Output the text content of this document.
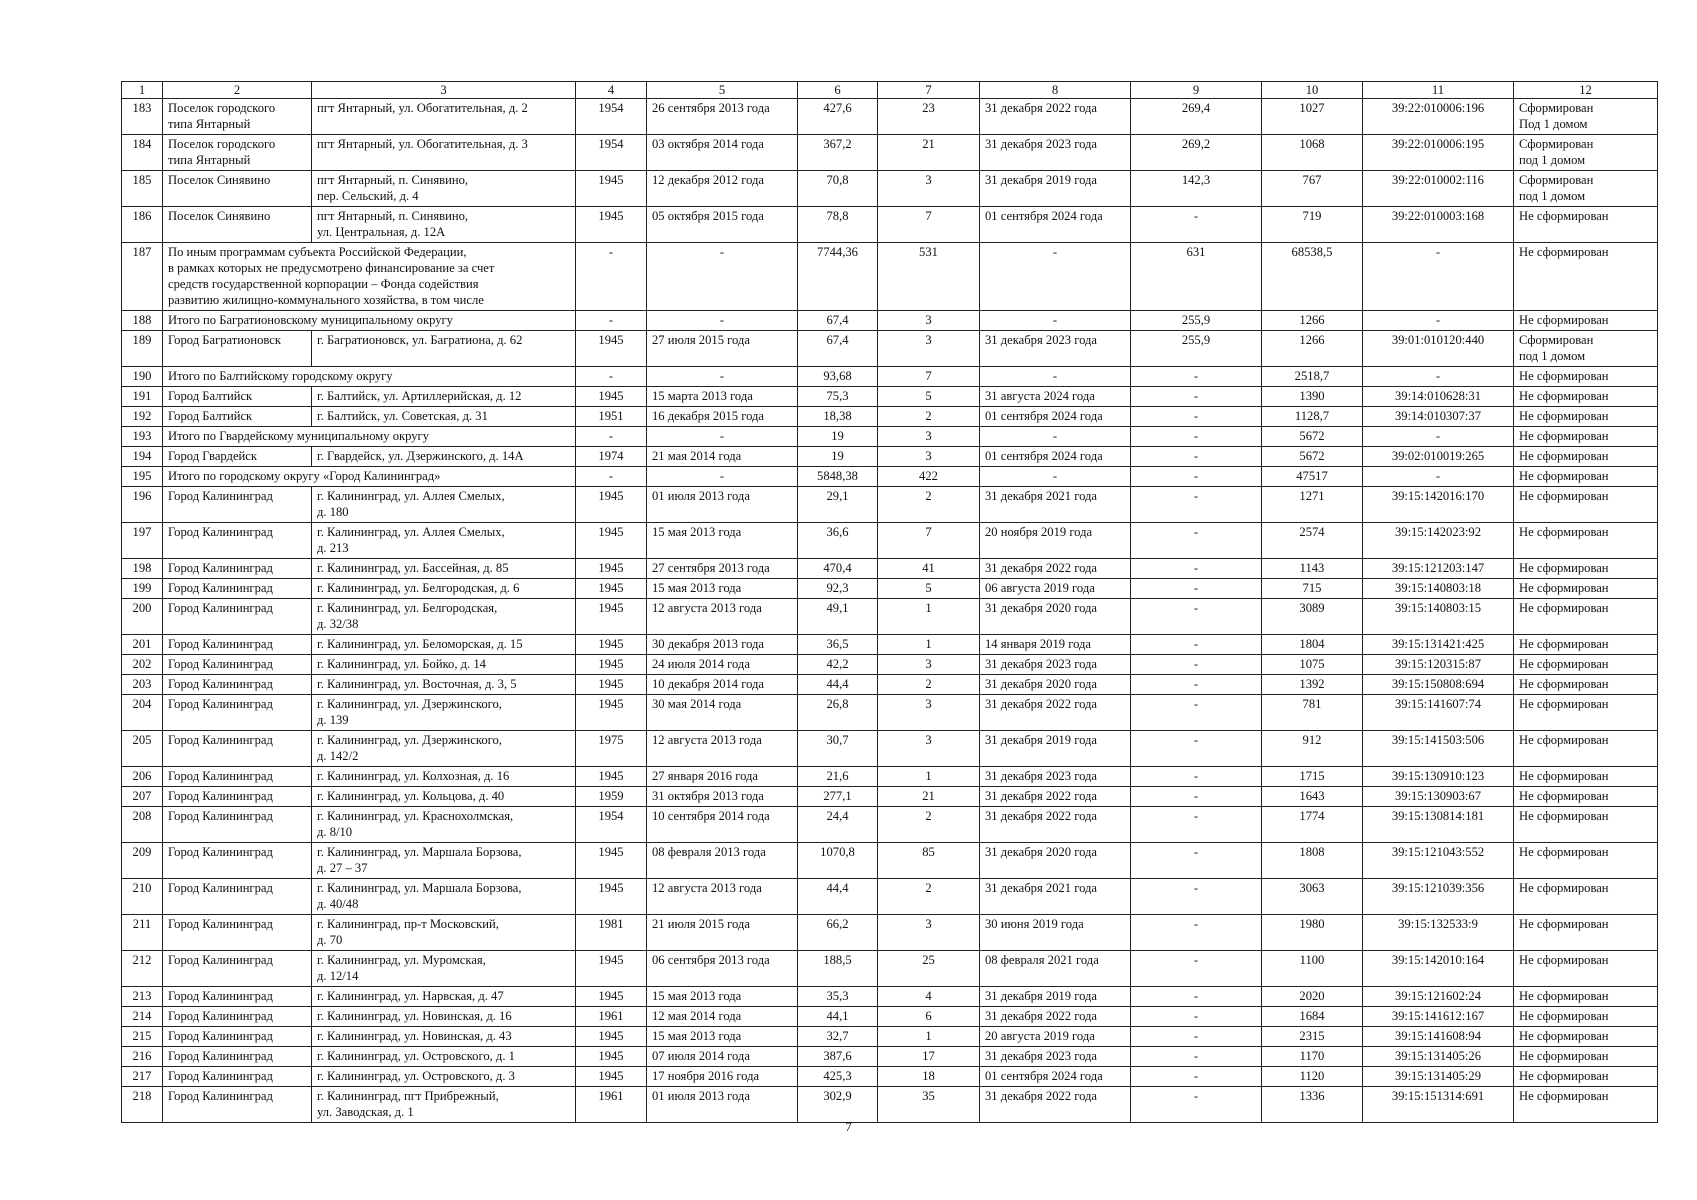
1	2	3	4	5	6	7	8	9	10	11	12
183	Поселок городского
типа Янтарный	пгт Янтарный, ул. Обогатительная, д. 2	1954	26 сентября 2013 года	427,6	23	31 декабря 2022 года	269,4	1027	39:22:010006:196	Сформирован
Под 1 домом
184	Поселок городского
типа Янтарный	пгт Янтарный, ул. Обогатительная, д. 3	1954	03 октября 2014 года	367,2	21	31 декабря 2023 года	269,2	1068	39:22:010006:195	Сформирован
под 1 домом
185	Поселок Синявино	пгт Янтарный, п. Синявино,
пер. Сельский, д. 4	1945	12 декабря 2012 года	70,8	3	31 декабря 2019 года	142,3	767	39:22:010002:116	Сформирован
под 1 домом
186	Поселок Синявино	пгт Янтарный, п. Синявино,
ул. Центральная, д. 12А	1945	05 октября 2015 года	78,8	7	01 сентября 2024 года	-	719	39:22:010003:168	Не сформирован
187	По иным программам субъекта Российской Федерации,
в рамках которых не предусмотрено финансирование за счет
средств государственной корпорации – Фонда содействия
развитию жилищно-коммунального хозяйства, в том числе		-	-	7744,36	531	-	631	68538,5	-	Не сформирован
188	Итого по Багратионовскому муниципальному округу		-	-	67,4	3	-	255,9	1266	-	Не сформирован
189	Город Багратионовск	г. Багратионовск, ул. Багратиона, д. 62	1945	27 июля 2015 года	67,4	3	31 декабря 2023 года	255,9	1266	39:01:010120:440	Сформирован
под 1 домом
190	Итого по Балтийскому городскому округу		-	-	93,68	7	-	-	2518,7	-	Не сформирован
191	Город Балтийск	г. Балтийск, ул. Артиллерийская, д. 12	1945	15 марта 2013 года	75,3	5	31 августа 2024 года	-	1390	39:14:010628:31	Не сформирован
192	Город Балтийск	г. Балтийск, ул. Советская, д. 31	1951	16 декабря 2015 года	18,38	2	01 сентября 2024 года	-	1128,7	39:14:010307:37	Не сформирован
193	Итого по Гвардейскому муниципальному округу		-	-	19	3	-	-	5672	-	Не сформирован
194	Город Гвардейск	г. Гвардейск, ул. Дзержинского, д. 14А	1974	21 мая 2014 года	19	3	01 сентября 2024 года	-	5672	39:02:010019:265	Не сформирован
195	Итого по городскому округу «Город Калининград»		-	-	5848,38	422	-	-	47517	-	Не сформирован
196	Город Калининград	г. Калининград, ул. Аллея Смелых,
д. 180	1945	01 июля 2013 года	29,1	2	31 декабря 2021 года	-	1271	39:15:142016:170	Не сформирован
197	Город Калининград	г. Калининград, ул. Аллея Смелых,
д. 213	1945	15 мая 2013 года	36,6	7	20 ноября 2019 года	-	2574	39:15:142023:92	Не сформирован
198	Город Калининград	г. Калининград, ул. Бассейная, д. 85	1945	27 сентября 2013 года	470,4	41	31 декабря 2022 года	-	1143	39:15:121203:147	Не сформирован
199	Город Калининград	г. Калининград, ул. Белгородская, д. 6	1945	15 мая 2013 года	92,3	5	06 августа 2019 года	-	715	39:15:140803:18	Не сформирован
200	Город Калининград	г. Калининград, ул. Белгородская,
д. 32/38	1945	12 августа 2013 года	49,1	1	31 декабря 2020 года	-	3089	39:15:140803:15	Не сформирован
201	Город Калининград	г. Калининград, ул. Беломорская, д. 15	1945	30 декабря 2013 года	36,5	1	14 января 2019 года	-	1804	39:15:131421:425	Не сформирован
202	Город Калининград	г. Калининград, ул. Бойко, д. 14	1945	24 июля 2014 года	42,2	3	31 декабря 2023 года	-	1075	39:15:120315:87	Не сформирован
203	Город Калининград	г. Калининград, ул. Восточная, д. 3, 5	1945	10 декабря 2014 года	44,4	2	31 декабря 2020 года	-	1392	39:15:150808:694	Не сформирован
204	Город Калининград	г. Калининград, ул. Дзержинского,
д. 139	1945	30 мая 2014 года	26,8	3	31 декабря 2022 года	-	781	39:15:141607:74	Не сформирован
205	Город Калининград	г. Калининград, ул. Дзержинского,
д. 142/2	1975	12 августа 2013 года	30,7	3	31 декабря 2019 года	-	912	39:15:141503:506	Не сформирован
206	Город Калининград	г. Калининград, ул. Колхозная, д. 16	1945	27 января 2016 года	21,6	1	31 декабря 2023 года	-	1715	39:15:130910:123	Не сформирован
207	Город Калининград	г. Калининград, ул. Кольцова, д. 40	1959	31 октября 2013 года	277,1	21	31 декабря 2022 года	-	1643	39:15:130903:67	Не сформирован
208	Город Калининград	г. Калининград, ул. Краснохолмская,
д. 8/10	1954	10 сентября 2014 года	24,4	2	31 декабря 2022 года	-	1774	39:15:130814:181	Не сформирован
209	Город Калининград	г. Калининград, ул. Маршала Борзова,
д. 27 – 37	1945	08 февраля 2013 года	1070,8	85	31 декабря 2020 года	-	1808	39:15:121043:552	Не сформирован
210	Город Калининград	г. Калининград, ул. Маршала Борзова,
д. 40/48	1945	12 августа 2013 года	44,4	2	31 декабря 2021 года	-	3063	39:15:121039:356	Не сформирован
211	Город Калининград	г. Калининград, пр-т Московский,
д. 70	1981	21 июля 2015 года	66,2	3	30 июня 2019 года	-	1980	39:15:132533:9	Не сформирован
212	Город Калининград	г. Калининград, ул. Муромская,
д. 12/14	1945	06 сентября 2013 года	188,5	25	08 февраля 2021 года	-	1100	39:15:142010:164	Не сформирован
213	Город Калининград	г. Калининград, ул. Нарвская, д. 47	1945	15 мая 2013 года	35,3	4	31 декабря 2019 года	-	2020	39:15:121602:24	Не сформирован
214	Город Калининград	г. Калининград, ул. Новинская, д. 16	1961	12 мая 2014 года	44,1	6	31 декабря 2022 года	-	1684	39:15:141612:167	Не сформирован
215	Город Калининград	г. Калининград, ул. Новинская, д. 43	1945	15 мая 2013 года	32,7	1	20 августа 2019 года	-	2315	39:15:141608:94	Не сформирован
216	Город Калининград	г. Калининград, ул. Островского, д. 1	1945	07 июля 2014 года	387,6	17	31 декабря 2023 года	-	1170	39:15:131405:26	Не сформирован
217	Город Калининград	г. Калининград, ул. Островского, д. 3	1945	17 ноября 2016 года	425,3	18	01 сентября 2024 года	-	1120	39:15:131405:29	Не сформирован
218	Город Калининград	г. Калининград, пгт Прибрежный,
ул. Заводская, д. 1	1961	01 июля 2013 года	302,9	35	31 декабря 2022 года	-	1336	39:15:151314:691	Не сформирован
7
